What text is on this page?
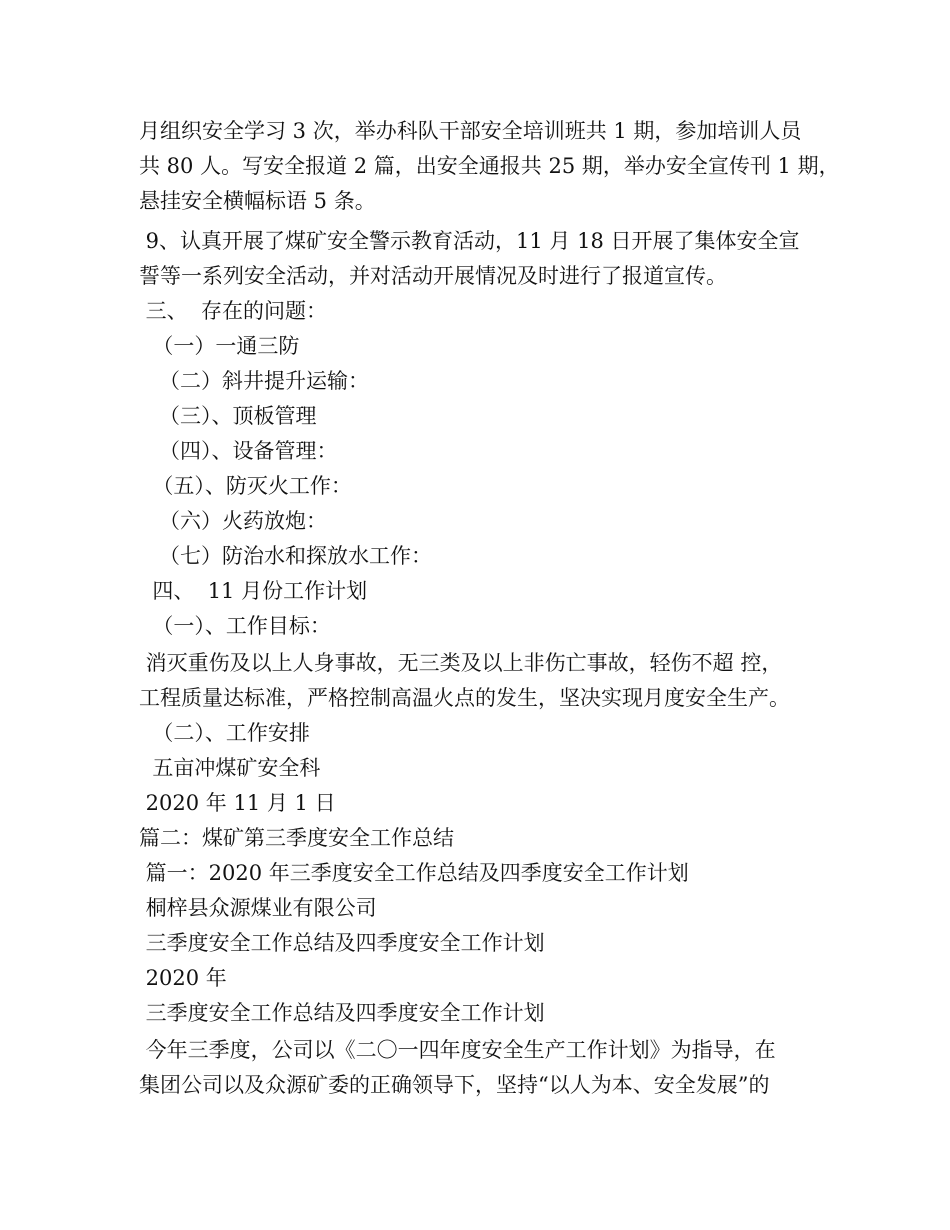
月组织安全学习 3 次，举办科队干部安全培训班共 1 期，参加培训人员

共 80 人。写安全报道 2 篇，出安全通报共 25 期，举办安全宣传刊 1 期，

悬挂安全横幅标语 5 条。

9、认真开展了煤矿安全警示教育活动，11 月 18 日开展了集体安全宣

誓等一系列安全活动，并对活动开展情况及时进行了报道宣传。

三、  存在的问题：

（一）一通三防

（二）斜井提升运输：

（三）、顶板管理

（四）、设备管理：

（五）、防灭火工作：

（六）火药放炮：

（七）防治水和探放水工作：

四、  11 月份工作计划

（一）、工作目标：

消灭重伤及以上人身事故，无三类及以上非伤亡事故，轻伤不超 控，

工程质量达标准，严格控制高温火点的发生，坚决实现月度安全生产。

（二）、工作安排

五亩冲煤矿安全科

2020 年 11 月 1 日

篇二：煤矿第三季度安全工作总结

篇一：2020 年三季度安全工作总结及四季度安全工作计划

桐梓县众源煤业有限公司

三季度安全工作总结及四季度安全工作计划

2020 年

三季度安全工作总结及四季度安全工作计划

今年三季度，公司以《二〇一四年度安全生产工作计划》为指导，在

集团公司以及众源矿委的正确领导下，坚持“以人为本、安全发展”的
